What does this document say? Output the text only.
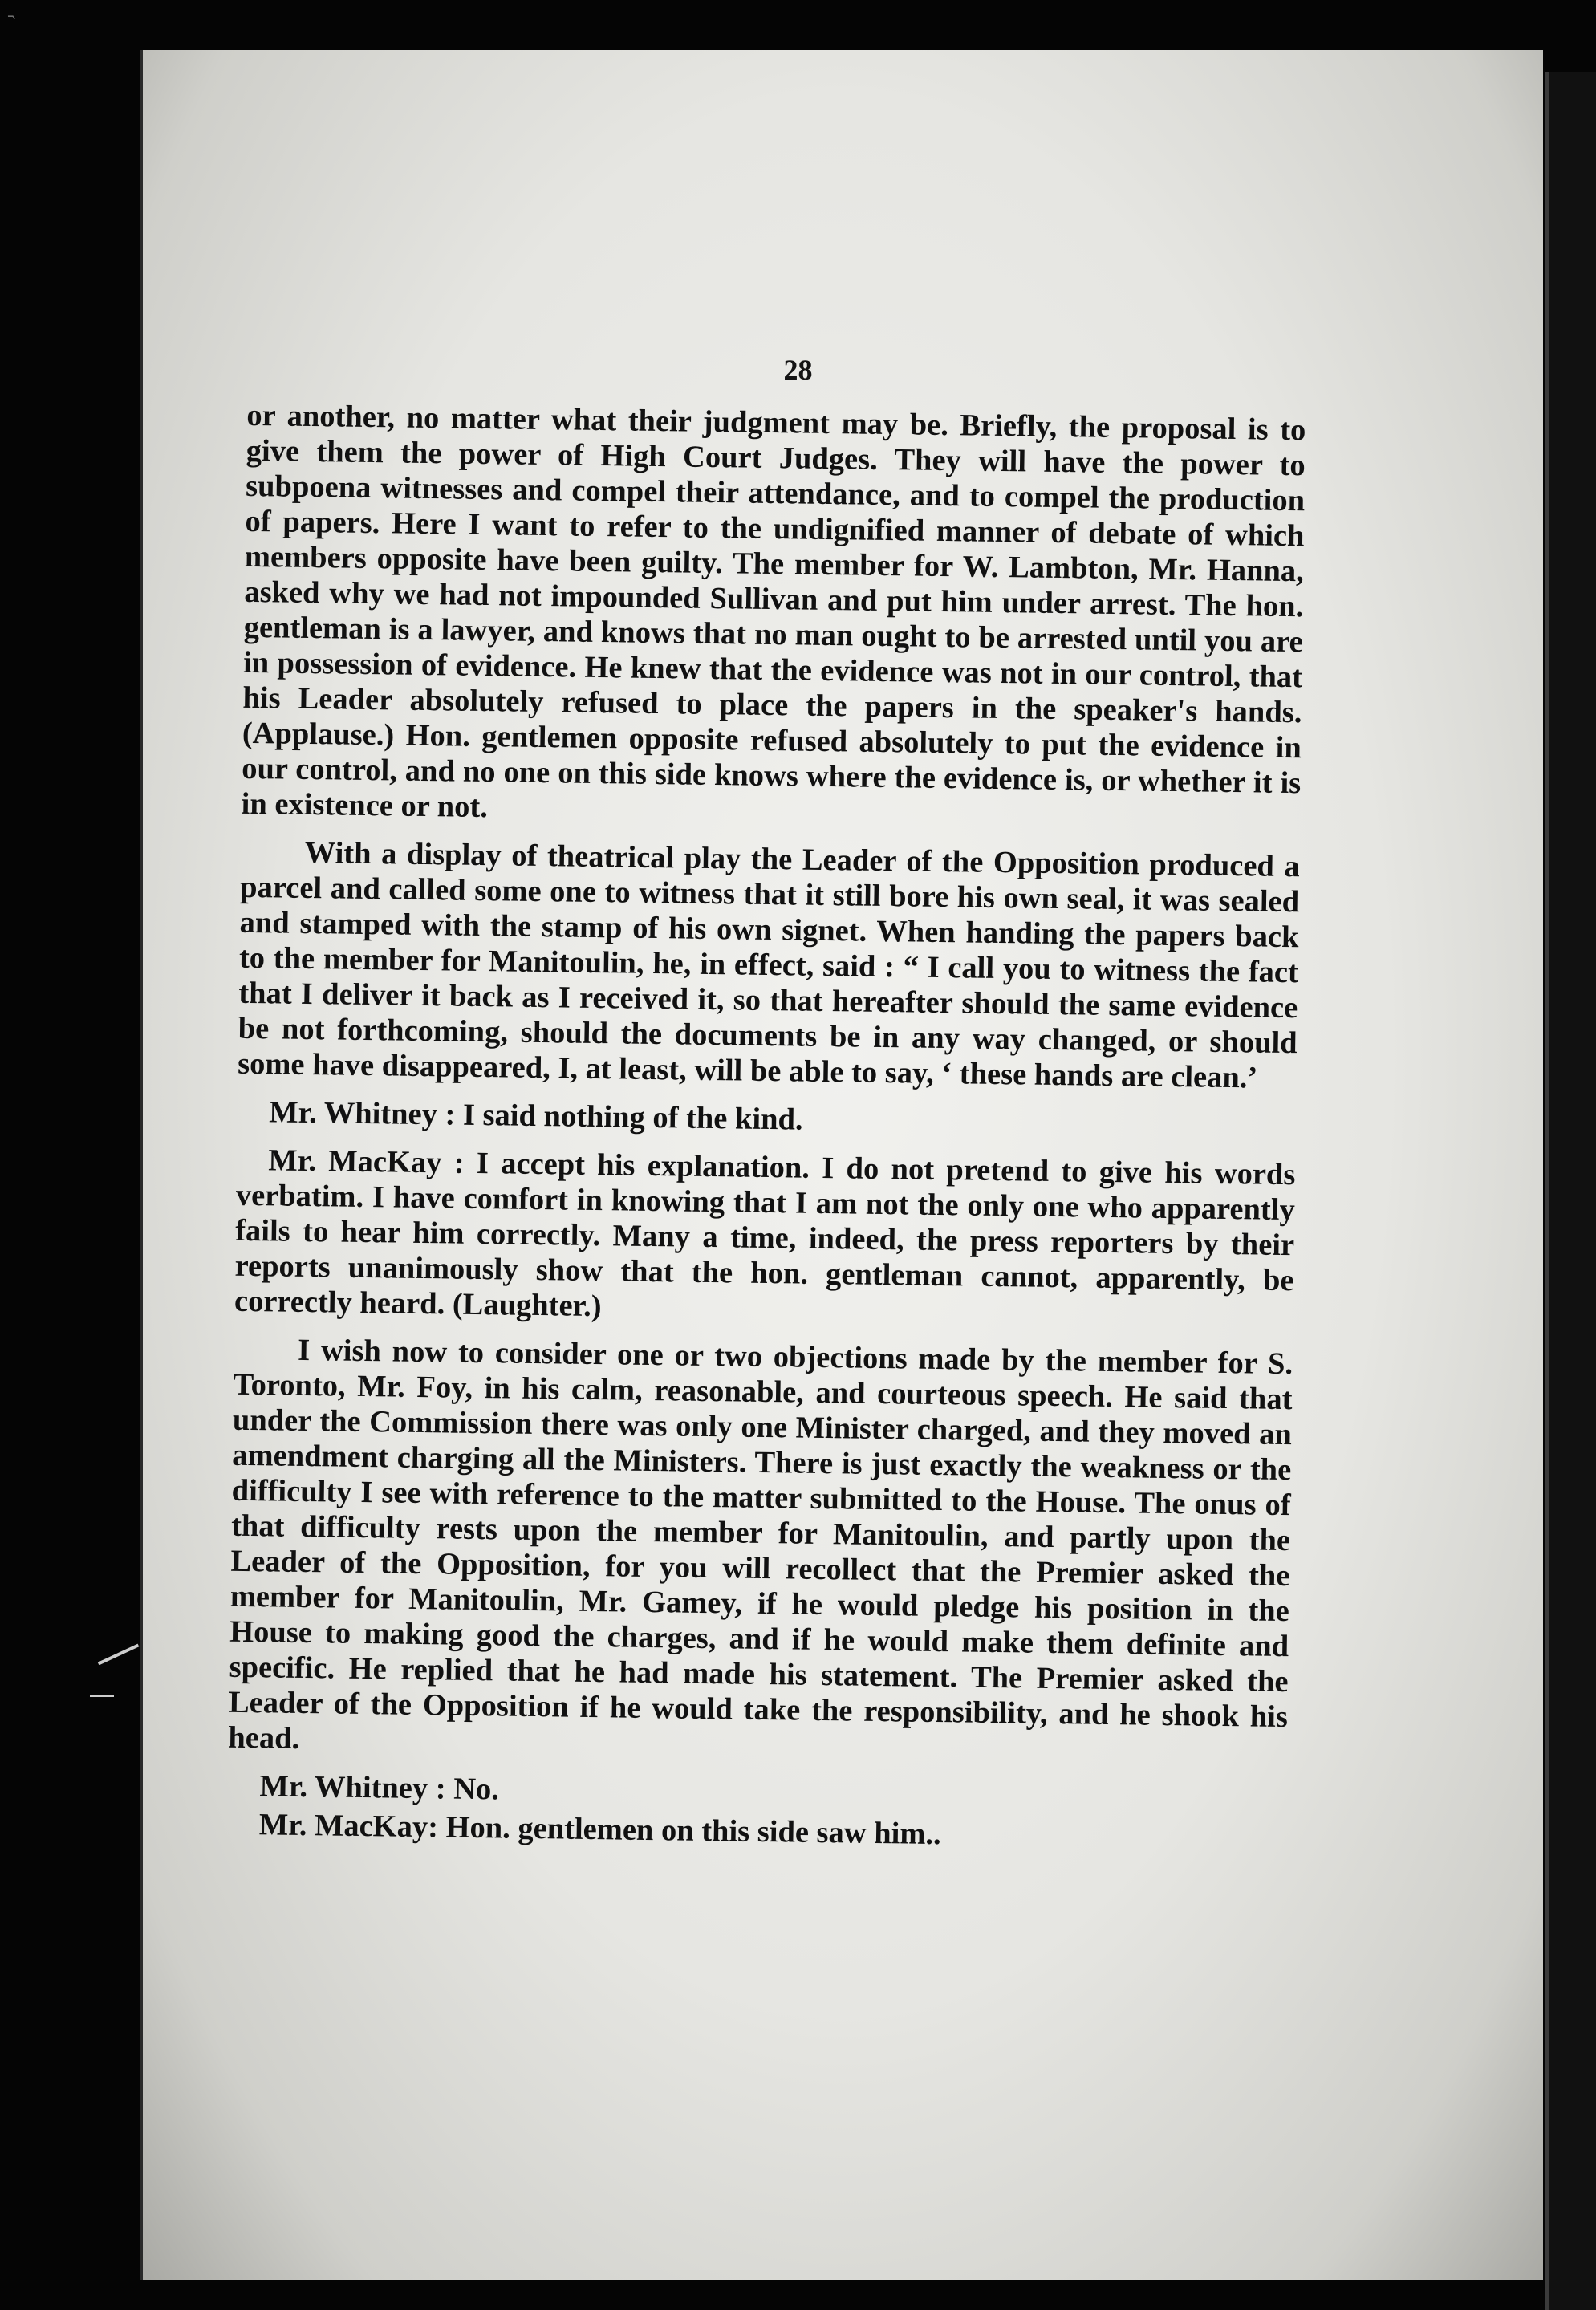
28

or another, no matter what their judgment may be. Briefly, the proposal is to give them the power of High Court Judges. They will have the power to subpoena witnesses and compel their attendance, and to compel the production of papers. Here I want to refer to the undignified manner of debate of which members opposite have been guilty. The member for W. Lambton, Mr. Hanna, asked why we had not impounded Sullivan and put him under arrest. The hon. gentleman is a lawyer, and knows that no man ought to be arrested until you are in possession of evidence. He knew that the evidence was not in our control, that his Leader absolutely refused to place the papers in the speaker's hands. (Applause.) Hon. gentlemen opposite refused absolutely to put the evidence in our control, and no one on this side knows where the evidence is, or whether it is in existence or not.

With a display of theatrical play the Leader of the Opposition produced a parcel and called some one to witness that it still bore his own seal, it was sealed and stamped with the stamp of his own signet. When handing the papers back to the member for Manitoulin, he, in effect, said : “ I call you to witness the fact that I deliver it back as I received it, so that hereafter should the same evidence be not forthcoming, should the documents be in any way changed, or should some have disappeared, I, at least, will be able to say, ‘ these hands are clean.’

Mr. Whitney : I said nothing of the kind.

Mr. MacKay : I accept his explanation. I do not pretend to give his words verbatim. I have comfort in knowing that I am not the only one who apparently fails to hear him correctly. Many a time, indeed, the press reporters by their reports unanimously show that the hon. gentleman cannot, apparently, be correctly heard. (Laughter.)

I wish now to consider one or two objections made by the member for S. Toronto, Mr. Foy, in his calm, reasonable, and courteous speech. He said that under the Commission there was only one Minister charged, and they moved an amendment charging all the Ministers. There is just exactly the weakness or the difficulty I see with reference to the matter submitted to the House. The onus of that difficulty rests upon the member for Manitoulin, and partly upon the Leader of the Opposition, for you will recollect that the Premier asked the member for Manitoulin, Mr. Gamey, if he would pledge his position in the House to making good the charges, and if he would make them definite and specific. He replied that he had made his statement. The Premier asked the Leader of the Opposition if he would take the responsibility, and he shook his head.

Mr. Whitney : No.

Mr. MacKay: Hon. gentlemen on this side saw him..
